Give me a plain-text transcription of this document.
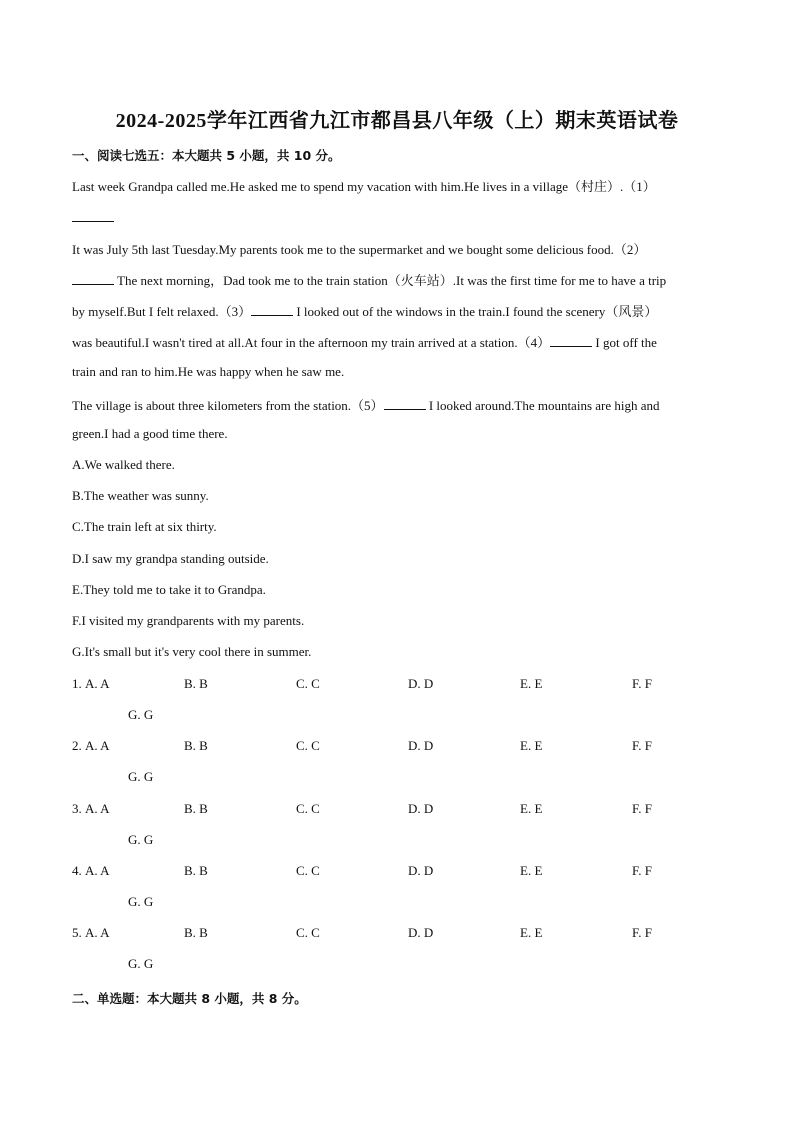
2024-2025学年江西省九江市都昌县八年级（上）期末英语试卷
一、阅读七选五：本大题共 5 小题，共 10 分。
Last week Grandpa called me.He asked me to spend my vacation with him.He lives in a village（村庄）.（1）
It was July 5th last Tuesday.My parents took me to the supermarket and we bought some delicious food.（2）
The next morning，Dad took me to the train station（火车站）.It was the first time for me to have a trip
by myself.But I felt relaxed.（3）	I looked out of the windows in the train.I found the scenery（风景）
was beautiful.I wasn't tired at all.At four in the afternoon my train arrived at a station.（4）	I got off the
train and ran to him.He was happy when he saw me.
The village is about three kilometers from the station.（5）	I looked around.The mountains are high and
green.I had a good time there.
A.We walked there.
B.The weather was sunny.
C.The train left at six thirty.
D.I saw my grandpa standing outside.
E.They told me to take it to Grandpa.
F.I visited my grandparents with my parents.
G.It's small but it's very cool there in summer.
1. A. A	B. B	C. C	D. D	E. E	F. F
G. G
2. A. A	B. B	C. C	D. D	E. E	F. F
G. G
3. A. A	B. B	C. C	D. D	E. E	F. F
G. G
4. A. A	B. B	C. C	D. D	E. E	F. F
G. G
5. A. A	B. B	C. C	D. D	E. E	F. F
G. G
二、单选题：本大题共 8 小题，共 8 分。
